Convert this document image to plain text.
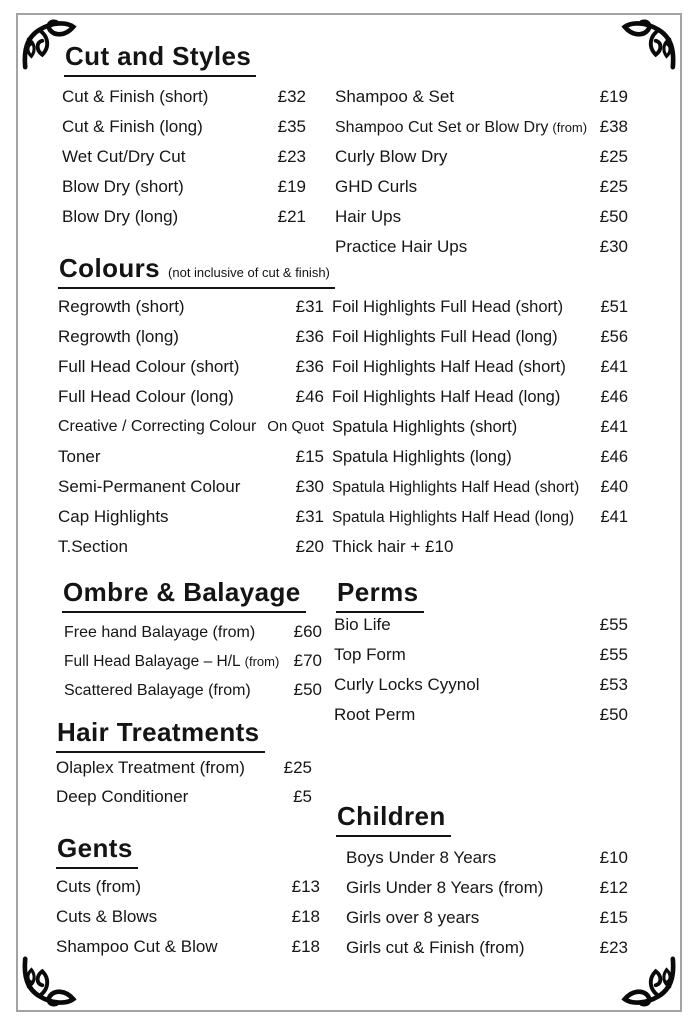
Cut and Styles
Cut & Finish (short)	£32
Cut & Finish (long)	£35
Wet Cut/Dry Cut	£23
Blow Dry (short)	£19
Blow Dry (long)	£21
Shampoo & Set	£19
Shampoo Cut Set or Blow Dry (from) £38
Curly Blow Dry	£25
GHD Curls	£25
Hair Ups	£50
Practice Hair Ups	£30
Colours (not inclusive of cut & finish)
Regrowth (short)	£31
Regrowth (long)	£36
Full Head Colour (short)	£36
Full Head Colour (long)	£46
Creative / Correcting Colour On Quot
Toner	£15
Semi-Permanent Colour	£30
Cap Highlights	£31
T.Section	£20
Foil Highlights Full Head (short)	£51
Foil Highlights Full Head (long)	£56
Foil Highlights Half Head (short)	£41
Foil Highlights Half Head (long)	£46
Spatula Highlights (short)	£41
Spatula Highlights (long)	£46
Spatula Highlights Half Head (short)	£40
Spatula Highlights Half Head (long)	£41
Thick hair + £10
Ombre & Balayage
Free hand Balayage (from)	£60
Full Head Balayage – H/L (from) £70
Scattered Balayage (from)	£50
Perms
Bio Life	£55
Top Form	£55
Curly Locks Cyynol	£53
Root Perm	£50
Hair Treatments
Olaplex Treatment (from)	£25
Deep Conditioner	£5
Children
Boys Under 8 Years	£10
Girls Under 8 Years (from)	£12
Girls over 8 years	£15
Girls cut & Finish (from)	£23
Gents
Cuts (from)	£13
Cuts & Blows	£18
Shampoo Cut & Blow	£18
